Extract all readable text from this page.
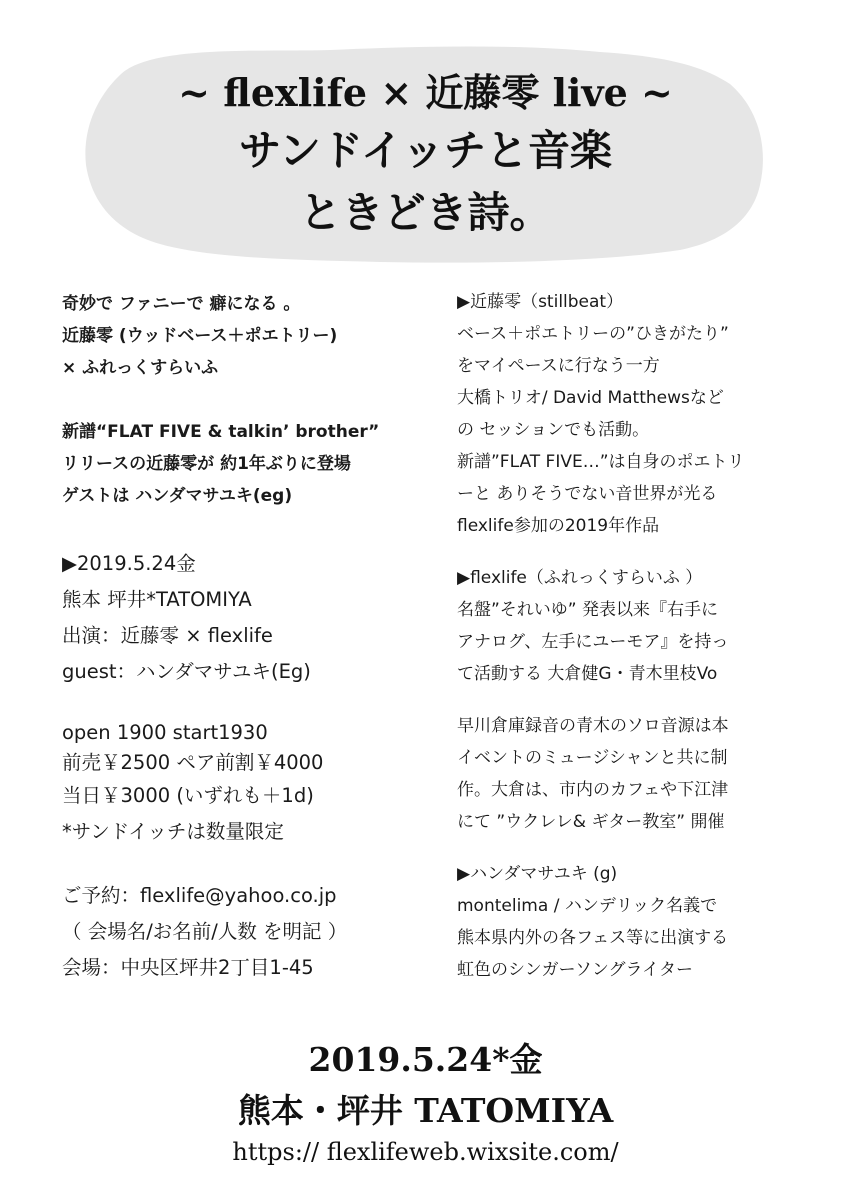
~ flexlife × 近藤零 live ~
サンドイッチと音楽
ときどき詩。
奇妙で ファニーで 癖になる 。
近藤零 (ウッドベース＋ポエトリー)
× ふれっくすらいふ
新譜“FLAT FIVE & talkin’ brother”
リリースの近藤零が 約1年ぶりに登場
ゲストは ハンダマサユキ(eg)
▶2019.5.24金
熊本 坪井*TATOMIYA
出演：近藤零 × flexlife
guest：ハンダマサユキ(Eg)
open 1900 start1930
前売￥2500 ペア前割￥4000
当日￥3000 (いずれも＋1d)
*サンドイッチは数量限定
ご予約：flexlife@yahoo.co.jp
（ 会場名/お名前/人数 を明記 ）
会場：中央区坪井2丁目1-45
▶近藤零（stillbeat）
ベース＋ポエトリーの”ひきがたり”
をマイペースに行なう一方
大橋トリオ/ David Matthewsなど
の セッションでも活動。
新譜”FLAT FIVE…”は自身のポエトリ
ーと ありそうでない音世界が光る
flexlife参加の2019年作品
▶flexlife（ふれっくすらいふ ）
名盤”それいゆ” 発表以来『右手に
アナログ、左手にユーモア』を持っ
て活動する 大倉健G・青木里枝Vo
早川倉庫録音の青木のソロ音源は本
イベントのミュージシャンと共に制
作。大倉は、市内のカフェや下江津
にて ”ウクレレ& ギター教室” 開催
▶ハンダマサユキ (g)
montelima / ハンデリック名義で
熊本県内外の各フェス等に出演する
虹色のシンガーソングライター
2019.5.24*金
熊本・坪井 TATOMIYA
https:// flexlifeweb.wixsite.com/
